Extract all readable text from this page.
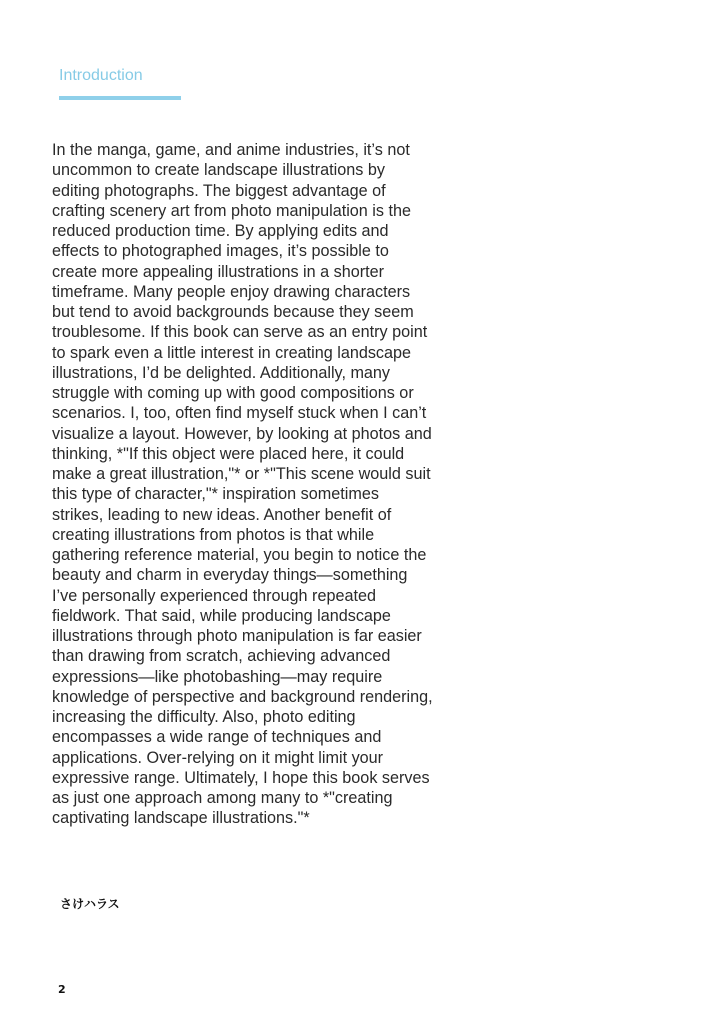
Introduction

In the manga, game, and anime industries, it’s not
uncommon to create landscape illustrations by
editing photographs. The biggest advantage of
crafting scenery art from photo manipulation is the
reduced production time. By applying edits and
effects to photographed images, it’s possible to
create more appealing illustrations in a shorter
timeframe. Many people enjoy drawing characters
but tend to avoid backgrounds because they seem
troublesome. If this book can serve as an entry point
to spark even a little interest in creating landscape
illustrations, I’d be delighted. Additionally, many
struggle with coming up with good compositions or
scenarios. I, too, often find myself stuck when I can’t
visualize a layout. However, by looking at photos and
thinking, *"If this object were placed here, it could
make a great illustration,"* or *"This scene would suit
this type of character,"* inspiration sometimes
strikes, leading to new ideas. Another benefit of
creating illustrations from photos is that while
gathering reference material, you begin to notice the
beauty and charm in everyday things—something
I’ve personally experienced through repeated
fieldwork. That said, while producing landscape
illustrations through photo manipulation is far easier
than drawing from scratch, achieving advanced
expressions—like photobashing—may require
knowledge of perspective and background rendering,
increasing the difficulty. Also, photo editing
encompasses a wide range of techniques and
applications. Over-relying on it might limit your
expressive range. Ultimately, I hope this book serves
as just one approach among many to *"creating
captivating landscape illustrations."*

さけハラス
2
